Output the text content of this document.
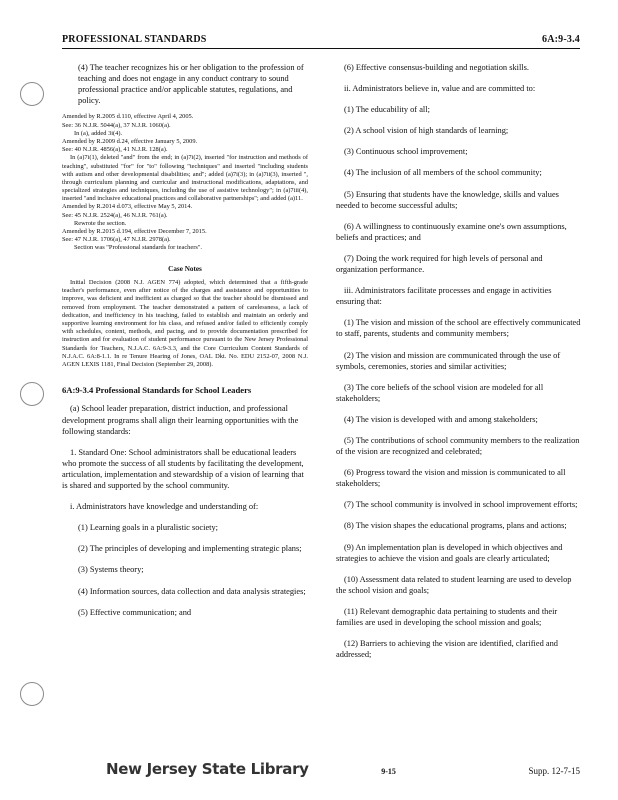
PROFESSIONAL STANDARDS	6A:9-3.4

(4) The teacher recognizes his or her obligation to the profession of teaching and does not engage in any conduct contrary to sound professional practice and/or applicable statutes, regulations, and policy.

Amended by R.2005 d.110, effective April 4, 2005.

See: 36 N.J.R. 5044(a), 37 N.J.R. 1060(a).

In (a), added 3i(4).

Amended by R.2009 d.24, effective January 5, 2009.

See: 40 N.J.R. 4856(a), 41 N.J.R. 128(a).

In (a)7i(1), deleted "and" from the end; in (a)7i(2), inserted "for instruction and methods of teaching", substituted "for" for "to" following "techniques" and inserted "including students with autism and other developmental disabilities; and"; added (a)7i(3); in (a)7ii(3), inserted ", through curriculum planning and curricular and instructional modifications, adaptations, and specialized strategies and techniques, including the use of assistive technology"; in (a)7iii(4), inserted "and inclusive educational practices and collaborative partnerships"; and added (a)11.

Amended by R.2014 d.073, effective May 5, 2014.

See: 45 N.J.R. 2524(a), 46 N.J.R. 761(a).

Rewrote the section.

Amended by R.2015 d.194, effective December 7, 2015.

See: 47 N.J.R. 1706(a), 47 N.J.R. 2978(a).

Section was "Professional standards for teachers".

Case Notes

Initial Decision (2008 N.J. AGEN 774) adopted, which determined that a fifth-grade teacher's performance, even after notice of the charges and assistance and opportunities to improve, was deficient and inefficient as charged so that the teacher should be dismissed and removed from employment. The teacher demonstrated a pattern of carelessness, a lack of dedication, and inefficiency in his teaching, failed to establish and maintain an orderly and supportive learning environment for his class, and refused and/or failed to efficiently comply with schedules, content, methods, and pacing, and to provide documentation prescribed for instruction and for evaluation of student performance pursuant to the New Jersey Professional Standards for Teachers, N.J.A.C. 6A:9-3.3, and the Core Curriculum Content Standards of N.J.A.C. 6A:8-1.1. In re Tenure Hearing of Jones, OAL Dkt. No. EDU 2152-07, 2008 N.J. AGEN LEXIS 1181, Final Decision (September 29, 2008).

6A:9-3.4 Professional Standards for School Leaders

(a) School leader preparation, district induction, and professional development programs shall align their learning opportunities with the following standards:

1. Standard One: School administrators shall be educational leaders who promote the success of all students by facilitating the development, articulation, implementation and stewardship of a vision of learning that is shared and supported by the school community.

i. Administrators have knowledge and understanding of:

(1) Learning goals in a pluralistic society;

(2) The principles of developing and implementing strategic plans;

(3) Systems theory;

(4) Information sources, data collection and data analysis strategies;

(5) Effective communication; and

(6) Effective consensus-building and negotiation skills.

ii. Administrators believe in, value and are committed to:

(1) The educability of all;

(2) A school vision of high standards of learning;

(3) Continuous school improvement;

(4) The inclusion of all members of the school community;

(5) Ensuring that students have the knowledge, skills and values needed to become successful adults;

(6) A willingness to continuously examine one's own assumptions, beliefs and practices; and

(7) Doing the work required for high levels of personal and organization performance.

iii. Administrators facilitate processes and engage in activities ensuring that:

(1) The vision and mission of the school are effectively communicated to staff, parents, students and community members;

(2) The vision and mission are communicated through the use of symbols, ceremonies, stories and similar activities;

(3) The core beliefs of the school vision are modeled for all stakeholders;

(4) The vision is developed with and among stakeholders;

(5) The contributions of school community members to the realization of the vision are recognized and celebrated;

(6) Progress toward the vision and mission is communicated to all stakeholders;

(7) The school community is involved in school improvement efforts;

(8) The vision shapes the educational programs, plans and actions;

(9) An implementation plan is developed in which objectives and strategies to achieve the vision and goals are clearly articulated;

(10) Assessment data related to student learning are used to develop the school vision and goals;

(11) Relevant demographic data pertaining to students and their families are used in developing the school mission and goals;

(12) Barriers to achieving the vision are identified, clarified and addressed;

New Jersey State Library	9-15	Supp. 12-7-15
